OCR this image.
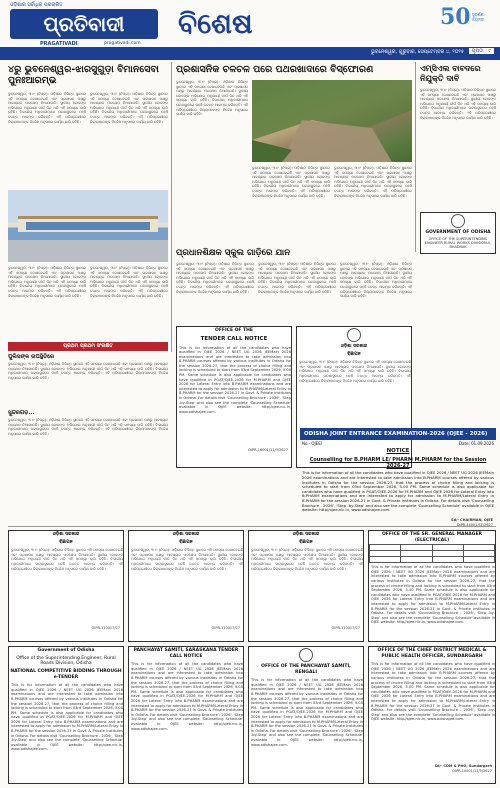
ଓଡ଼ିଶାର ସର୍ବାଧିକ ପ୍ରଚାରିତ
ପ୍ରତିବାଦୀ
PRAGATIVADI	pragativadi.com
ବିଶେଷ	50 ସୁବର୍ଣ୍ଣ ଜୟନ୍ତୀ
ଭୁବନେଶ୍ୱର, ଗୁରୁବାର, ସେପ୍ଟେମ୍ବର ୪, ୨୦୨୫	ପୃଷ୍ଠା : ୯
୪ରୁ ଭୁବନେଶ୍ୱର-ଝାରସୁଗୁଡ଼ା ବିମାନସେବା ପୁନଃଆରମ୍ଭ
ଭୁବନେଶ୍ୱର, ୩।୯ (ନିପ୍ର): ଓଡ଼ିଶାର ବିଭିନ୍ନ ସ୍ଥାନରେ ଏହି ସମସ୍ୟା ଦେଖାଦେଇଛି ଏବଂ ପ୍ରଶାସନ ପକ୍ଷରୁ ଆବଶ୍ୟକ ପଦକ୍ଷେପ ନିଆଯାଉଛି। ସ୍ଥାନୀୟ ଲୋକଙ୍କ ଅଭିଯୋଗ ଅନୁଯାୟୀ ଦୀର୍ଘ ଦିନ ଧରି ଏହି ସମସ୍ୟା ଲାଗି ରହିଛି। ବିଭାଗୀୟ ଅଧିକାରୀମାନେ ଘଟଣାସ୍ଥଳରେ ପହଞ୍ଚି ତଦନ୍ତ ଆରମ୍ଭ କରିଛନ୍ତି। ଏହି ପରିପ୍ରେକ୍ଷୀରେ ଜିଲ୍ଲାପାଳଙ୍କ ନିର୍ଦ୍ଦେଶ ଅନୁସାରେ କାର୍ଯ୍ୟ ଜାରି ରହିଛି।
ଭୁବନେଶ୍ୱର, ୩।୯ (ନିପ୍ର): ଓଡ଼ିଶାର ବିଭିନ୍ନ ସ୍ଥାନରେ ଏହି ସମସ୍ୟା ଦେଖାଦେଇଛି ଏବଂ ପ୍ରଶାସନ ପକ୍ଷରୁ ଆବଶ୍ୟକ ପଦକ୍ଷେପ ନିଆଯାଉଛି। ସ୍ଥାନୀୟ ଲୋକଙ୍କ ଅଭିଯୋଗ ଅନୁଯାୟୀ ଦୀର୍ଘ ଦିନ ଧରି ଏହି ସମସ୍ୟା ଲାଗି ରହିଛି। ବିଭାଗୀୟ ଅଧିକାରୀମାନେ ଘଟଣାସ୍ଥଳରେ ପହଞ୍ଚି ତଦନ୍ତ ଆରମ୍ଭ କରିଛନ୍ତି। ଏହି ପରିପ୍ରେକ୍ଷୀରେ ଜିଲ୍ଲାପାଳଙ୍କ ନିର୍ଦ୍ଦେଶ ଅନୁସାରେ କାର୍ଯ୍ୟ ଜାରି ରହିଛି।
ଭୁବନେଶ୍ୱର, ୩।୯ (ନିପ୍ର): ଓଡ଼ିଶାର ବିଭିନ୍ନ ସ୍ଥାନରେ ଏହି ସମସ୍ୟା ଦେଖାଦେଇଛି ଏବଂ ପ୍ରଶାସନ ପକ୍ଷରୁ ଆବଶ୍ୟକ ପଦକ୍ଷେପ ନିଆଯାଉଛି। ସ୍ଥାନୀୟ ଲୋକଙ୍କ ଅଭିଯୋଗ ଅନୁଯାୟୀ ଦୀର୍ଘ ଦିନ ଧରି ଏହି ସମସ୍ୟା ଲାଗି ରହିଛି। ବିଭାଗୀୟ ଅଧିକାରୀମାନେ ଘଟଣାସ୍ଥଳରେ ପହଞ୍ଚି ତଦନ୍ତ ଆରମ୍ଭ କରିଛନ୍ତି। ଏହି ପରିପ୍ରେକ୍ଷୀରେ ଜିଲ୍ଲାପାଳଙ୍କ ନିର୍ଦ୍ଦେଶ ଅନୁସାରେ କାର୍ଯ୍ୟ ଜାରି ରହିଛି।
ଭୁବନେଶ୍ୱର, ୩।୯ (ନିପ୍ର): ଓଡ଼ିଶାର ବିଭିନ୍ନ ସ୍ଥାନରେ ଏହି ସମସ୍ୟା ଦେଖାଦେଇଛି ଏବଂ ପ୍ରଶାସନ ପକ୍ଷରୁ ଆବଶ୍ୟକ ପଦକ୍ଷେପ ନିଆଯାଉଛି। ସ୍ଥାନୀୟ ଲୋକଙ୍କ ଅଭିଯୋଗ ଅନୁଯାୟୀ ଦୀର୍ଘ ଦିନ ଧରି ଏହି ସମସ୍ୟା ଲାଗି ରହିଛି। ବିଭାଗୀୟ ଅଧିକାରୀମାନେ ଘଟଣାସ୍ଥଳରେ ପହଞ୍ଚି ତଦନ୍ତ ଆରମ୍ଭ କରିଛନ୍ତି। ଏହି ପରିପ୍ରେକ୍ଷୀରେ ଜିଲ୍ଲାପାଳଙ୍କ ନିର୍ଦ୍ଦେଶ ଅନୁସାରେ କାର୍ଯ୍ୟ ଜାରି ରହିଛି।
ପ୍ରଶାସନିକ ଚଳଚଳ ପରେ ପଥରଖାଦାରେ ବିସ୍ଫୋରଣ
ଭୁବନେଶ୍ୱର, ୩।୯ (ନିପ୍ର): ଓଡ଼ିଶାର ବିଭିନ୍ନ ସ୍ଥାନରେ ଏହି ସମସ୍ୟା ଦେଖାଦେଇଛି ଏବଂ ପ୍ରଶାସନ ପକ୍ଷରୁ ଆବଶ୍ୟକ ପଦକ୍ଷେପ ନିଆଯାଉଛି। ସ୍ଥାନୀୟ ଲୋକଙ୍କ ଅଭିଯୋଗ ଅନୁଯାୟୀ ଦୀର୍ଘ ଦିନ ଧରି ଏହି ସମସ୍ୟା ଲାଗି ରହିଛି। ବିଭାଗୀୟ ଅଧିକାରୀମାନେ ଘଟଣାସ୍ଥଳରେ ପହଞ୍ଚି ତଦନ୍ତ ଆରମ୍ଭ କରିଛନ୍ତି। ଏହି ପରିପ୍ରେକ୍ଷୀରେ ଜିଲ୍ଲାପାଳଙ୍କ ନିର୍ଦ୍ଦେଶ ଅନୁସାରେ କାର୍ଯ୍ୟ ଜାରି ରହିଛି।
ଭୁବନେଶ୍ୱର, ୩।୯ (ନିପ୍ର): ଓଡ଼ିଶାର ବିଭିନ୍ନ ସ୍ଥାନରେ ଏହି ସମସ୍ୟା ଦେଖାଦେଇଛି ଏବଂ ପ୍ରଶାସନ ପକ୍ଷରୁ ଆବଶ୍ୟକ ପଦକ୍ଷେପ ନିଆଯାଉଛି। ସ୍ଥାନୀୟ ଲୋକଙ୍କ ଅଭିଯୋଗ ଅନୁଯାୟୀ ଦୀର୍ଘ ଦିନ ଧରି ଏହି ସମସ୍ୟା ଲାଗି ରହିଛି। ବିଭାଗୀୟ ଅଧିକାରୀମାନେ ଘଟଣାସ୍ଥଳରେ ପହଞ୍ଚି ତଦନ୍ତ ଆରମ୍ଭ କରିଛନ୍ତି। ଏହି ପରିପ୍ରେକ୍ଷୀରେ ଜିଲ୍ଲାପାଳଙ୍କ ନିର୍ଦ୍ଦେଶ ଅନୁସାରେ କାର୍ଯ୍ୟ ଜାରି ରହିଛି।
ଭୁବନେଶ୍ୱର, ୩।୯ (ନିପ୍ର): ଓଡ଼ିଶାର ବିଭିନ୍ନ ସ୍ଥାନରେ ଏହି ସମସ୍ୟା ଦେଖାଦେଇଛି ଏବଂ ପ୍ରଶାସନ ପକ୍ଷରୁ ଆବଶ୍ୟକ ପଦକ୍ଷେପ ନିଆଯାଉଛି। ସ୍ଥାନୀୟ ଲୋକଙ୍କ ଅଭିଯୋଗ ଅନୁଯାୟୀ ଦୀର୍ଘ ଦିନ ଧରି ଏହି ସମସ୍ୟା ଲାଗି ରହିଛି। ବିଭାଗୀୟ ଅଧିକାରୀମାନେ ଘଟଣାସ୍ଥଳରେ ପହଞ୍ଚି ତଦନ୍ତ ଆରମ୍ଭ କରିଛନ୍ତି। ଏହି ପରିପ୍ରେକ୍ଷୀରେ ଜିଲ୍ଲାପାଳଙ୍କ ନିର୍ଦ୍ଦେଶ ଅନୁସାରେ କାର୍ଯ୍ୟ ଜାରି ରହିଛି।
ଏମ୍‌ସିଏଲ ବାବଦରେ ନିଯୁକ୍ତି ଦାବି
ଭୁବନେଶ୍ୱର, ୩।୯ (ନିପ୍ର): ଓଡ଼ିଶାର ବିଭିନ୍ନ ସ୍ଥାନରେ ଏହି ସମସ୍ୟା ଦେଖାଦେଇଛି ଏବଂ ପ୍ରଶାସନ ପକ୍ଷରୁ ଆବଶ୍ୟକ ପଦକ୍ଷେପ ନିଆଯାଉଛି। ସ୍ଥାନୀୟ ଲୋକଙ୍କ ଅଭିଯୋଗ ଅନୁଯାୟୀ ଦୀର୍ଘ ଦିନ ଧରି ଏହି ସମସ୍ୟା ଲାଗି ରହିଛି। ବିଭାଗୀୟ ଅଧିକାରୀମାନେ ଘଟଣାସ୍ଥଳରେ ପହଞ୍ଚି ତଦନ୍ତ ଆରମ୍ଭ କରିଛନ୍ତି। ଏହି ପରିପ୍ରେକ୍ଷୀରେ ଜିଲ୍ଲାପାଳଙ୍କ ନିର୍ଦ୍ଦେଶ ଅନୁସାରେ କାର୍ଯ୍ୟ ଜାରି ରହିଛି।
GOVERNMENT OF ODISHA
OFFICE OF THE SUPERINTENDING ENGINEER RURAL WORKS DIVISION-II, BHADRAK
ପ୍ରଧାନଶିକ୍ଷକ ସ୍କୁଲ ଗାଡ଼ିରେ ଯାନ
ଭୁବନେଶ୍ୱର, ୩।୯ (ନିପ୍ର): ଓଡ଼ିଶାର ବିଭିନ୍ନ ସ୍ଥାନରେ ଏହି ସମସ୍ୟା ଦେଖାଦେଇଛି ଏବଂ ପ୍ରଶାସନ ପକ୍ଷରୁ ଆବଶ୍ୟକ ପଦକ୍ଷେପ ନିଆଯାଉଛି। ସ୍ଥାନୀୟ ଲୋକଙ୍କ ଅଭିଯୋଗ ଅନୁଯାୟୀ ଦୀର୍ଘ ଦିନ ଧରି ଏହି ସମସ୍ୟା ଲାଗି ରହିଛି। ବିଭାଗୀୟ ଅଧିକାରୀମାନେ ଘଟଣାସ୍ଥଳରେ ପହଞ୍ଚି ତଦନ୍ତ ଆରମ୍ଭ କରିଛନ୍ତି। ଏହି ପରିପ୍ରେକ୍ଷୀରେ ଜିଲ୍ଲାପାଳଙ୍କ ନିର୍ଦ୍ଦେଶ ଅନୁସାରେ କାର୍ଯ୍ୟ ଜାରି ରହିଛି।
ଭୁବନେଶ୍ୱର, ୩।୯ (ନିପ୍ର): ଓଡ଼ିଶାର ବିଭିନ୍ନ ସ୍ଥାନରେ ଏହି ସମସ୍ୟା ଦେଖାଦେଇଛି ଏବଂ ପ୍ରଶାସନ ପକ୍ଷରୁ ଆବଶ୍ୟକ ପଦକ୍ଷେପ ନିଆଯାଉଛି। ସ୍ଥାନୀୟ ଲୋକଙ୍କ ଅଭିଯୋଗ ଅନୁଯାୟୀ ଦୀର୍ଘ ଦିନ ଧରି ଏହି ସମସ୍ୟା ଲାଗି ରହିଛି। ବିଭାଗୀୟ ଅଧିକାରୀମାନେ ଘଟଣାସ୍ଥଳରେ ପହଞ୍ଚି ତଦନ୍ତ ଆରମ୍ଭ କରିଛନ୍ତି। ଏହି ପରିପ୍ରେକ୍ଷୀରେ ଜିଲ୍ଲାପାଳଙ୍କ ନିର୍ଦ୍ଦେଶ ଅନୁସାରେ କାର୍ଯ୍ୟ ଜାରି ରହିଛି।
ଭୁବନେଶ୍ୱର, ୩।୯ (ନିପ୍ର): ଓଡ଼ିଶାର ବିଭିନ୍ନ ସ୍ଥାନରେ ଏହି ସମସ୍ୟା ଦେଖାଦେଇଛି ଏବଂ ପ୍ରଶାସନ ପକ୍ଷରୁ ଆବଶ୍ୟକ ପଦକ୍ଷେପ ନିଆଯାଉଛି। ସ୍ଥାନୀୟ ଲୋକଙ୍କ ଅଭିଯୋଗ ଅନୁଯାୟୀ ଦୀର୍ଘ ଦିନ ଧରି ଏହି ସମସ୍ୟା ଲାଗି ରହିଛି। ବିଭାଗୀୟ ଅଧିକାରୀମାନେ ଘଟଣାସ୍ଥଳରେ ପହଞ୍ଚି ତଦନ୍ତ ଆରମ୍ଭ କରିଛନ୍ତି। ଏହି ପରିପ୍ରେକ୍ଷୀରେ ଜିଲ୍ଲାପାଳଙ୍କ ନିର୍ଦ୍ଦେଶ ଅନୁସାରେ କାର୍ଯ୍ୟ ଜାରି ରହିଛି।
ପ୍ରଥମ ପ୍ରଥମ ସଂରକ୍ଷିତ
ପୁଲିସଙ୍କ ଉପସ୍ଥିତିରେ
ଭୁବନେଶ୍ୱର, ୩।୯ (ନିପ୍ର): ଓଡ଼ିଶାର ବିଭିନ୍ନ ସ୍ଥାନରେ ଏହି ସମସ୍ୟା ଦେଖାଦେଇଛି ଏବଂ ପ୍ରଶାସନ ପକ୍ଷରୁ ଆବଶ୍ୟକ ପଦକ୍ଷେପ ନିଆଯାଉଛି। ସ୍ଥାନୀୟ ଲୋକଙ୍କ ଅଭିଯୋଗ ଅନୁଯାୟୀ ଦୀର୍ଘ ଦିନ ଧରି ଏହି ସମସ୍ୟା ଲାଗି ରହିଛି। ବିଭାଗୀୟ ଅଧିକାରୀମାନେ ଘଟଣାସ୍ଥଳରେ ପହଞ୍ଚି ତଦନ୍ତ ଆରମ୍ଭ କରିଛନ୍ତି। ଏହି ପରିପ୍ରେକ୍ଷୀରେ ଜିଲ୍ଲାପାଳଙ୍କ ନିର୍ଦ୍ଦେଶ ଅନୁସାରେ କାର୍ଯ୍ୟ ଜାରି ରହିଛି।
ସୁନ୍ଦରଗଡ଼...
ଭୁବନେଶ୍ୱର, ୩।୯ (ନିପ୍ର): ଓଡ଼ିଶାର ବିଭିନ୍ନ ସ୍ଥାନରେ ଏହି ସମସ୍ୟା ଦେଖାଦେଇଛି ଏବଂ ପ୍ରଶାସନ ପକ୍ଷରୁ ଆବଶ୍ୟକ ପଦକ୍ଷେପ ନିଆଯାଉଛି। ସ୍ଥାନୀୟ ଲୋକଙ୍କ ଅଭିଯୋଗ ଅନୁଯାୟୀ ଦୀର୍ଘ ଦିନ ଧରି ଏହି ସମସ୍ୟା ଲାଗି ରହିଛି। ବିଭାଗୀୟ ଅଧିକାରୀମାନେ ଘଟଣାସ୍ଥଳରେ ପହଞ୍ଚି ତଦନ୍ତ ଆରମ୍ଭ କରିଛନ୍ତି। ଏହି ପରିପ୍ରେକ୍ଷୀରେ ଜିଲ୍ଲାପାଳଙ୍କ ନିର୍ଦ୍ଦେଶ ଅନୁସାରେ କାର୍ଯ୍ୟ ଜାରି ରହିଛି।
OFFICE OF THE
TENDER CALL NOTICE
This is for information of all the candidates who have qualified in OJEE 2026 / NEET UG 2026 JEEMain 2026 examinations and are interested to take admission into B.PHARM courses offered by various institutes in Odisha for the session 2026-27, that the process of choice filling and locking is scheduled to start from 03rd September 2026, 5.00 PM. Same schedule is also applicable for candidates who have qualified in PGAT/OJEE-2026 for M.PHARM and OJEE 2026 for Lateral Entry into B.PHARM examinations and are interested to apply for admission to M.PHARM/Lateral Entry in B.PHARM for the session 2026-27 in Govt. & Private institutes in Odisha. For details visit 'Counselling Brochure - 2026', 'Step -by-Step' and also see the complete 'Counselling Schedule' available in OJEE website: http//ojee.nic.in, www.odishajee.com.
OIPR-16001/11/3/2627
ଓଡ଼ିଶା ସରକାର
ବିଜ୍ଞାପନ
ଭୁବନେଶ୍ୱର, ୩।୯ (ନିପ୍ର): ଓଡ଼ିଶାର ବିଭିନ୍ନ ସ୍ଥାନରେ ଏହି ସମସ୍ୟା ଦେଖାଦେଇଛି ଏବଂ ପ୍ରଶାସନ ପକ୍ଷରୁ ଆବଶ୍ୟକ ପଦକ୍ଷେପ ନିଆଯାଉଛି। ସ୍ଥାନୀୟ ଲୋକଙ୍କ ଅଭିଯୋଗ ଅନୁଯାୟୀ ଦୀର୍ଘ ଦିନ ଧରି ଏହି ସମସ୍ୟା ଲାଗି ରହିଛି। ବିଭାଗୀୟ ଅଧିକାରୀମାନେ ଘଟଣାସ୍ଥଳରେ ପହଞ୍ଚି ତଦନ୍ତ ଆରମ୍ଭ କରିଛନ୍ତି। ଏହି ପରିପ୍ରେକ୍ଷୀରେ ଜିଲ୍ଲାପାଳଙ୍କ ନିର୍ଦ୍ଦେଶ ଅନୁସାରେ କାର୍ଯ୍ୟ ଜାରି ରହିଛି।
ODISHA JOINT ENTRANCE EXAMINATION-2026 (OJEE - 2026)
No.- OJEE/	Date: 01.09.2026
NOTICE
Counselling for B.PHARM LE/ PHARM M.PHARM for the Session 2026-27
This is for information of all the candidates who have qualified in OJEE 2026 / NEET UG 2026 JEEMain 2026 examinations and are interested to take admission into B.PHARM courses offered by various institutes in Odisha for the session 2026-27, that the process of choice filling and locking is scheduled to start from 03rd September 2026, 5.00 PM. Same schedule is also applicable for candidates who have qualified in PGAT/OJEE-2026 for M.PHARM and OJEE 2026 for Lateral Entry into B.PHARM examinations and are interested to apply for admission to M.PHARM/Lateral Entry in B.PHARM for the session 2026-27 in Govt. & Private institutes in Odisha. For details visit 'Counselling Brochure - 2026', 'Step -by-Step' and also see the complete 'Counselling Schedule' available in OJEE website: http//ojee.nic.in, www.odishajee.com.
Sd/- CHAIRMAN, OJEE
DIPR-44001/ST/2627
ଓଡ଼ିଶା ସରକାର
ବିଜ୍ଞାପନ
ଭୁବନେଶ୍ୱର, ୩।୯ (ନିପ୍ର): ଓଡ଼ିଶାର ବିଭିନ୍ନ ସ୍ଥାନରେ ଏହି ସମସ୍ୟା ଦେଖାଦେଇଛି ଏବଂ ପ୍ରଶାସନ ପକ୍ଷରୁ ଆବଶ୍ୟକ ପଦକ୍ଷେପ ନିଆଯାଉଛି। ସ୍ଥାନୀୟ ଲୋକଙ୍କ ଅଭିଯୋଗ ଅନୁଯାୟୀ ଦୀର୍ଘ ଦିନ ଧରି ଏହି ସମସ୍ୟା ଲାଗି ରହିଛି। ବିଭାଗୀୟ ଅଧିକାରୀମାନେ ଘଟଣାସ୍ଥଳରେ ପହଞ୍ଚି ତଦନ୍ତ ଆରମ୍ଭ କରିଛନ୍ତି। ଏହି ପରିପ୍ରେକ୍ଷୀରେ ଜିଲ୍ଲାପାଳଙ୍କ ନିର୍ଦ୍ଦେଶ ଅନୁସାରେ କାର୍ଯ୍ୟ ଜାରି ରହିଛି।
OIPR-110017/27
ଓଡ଼ିଶା ସରକାର
ବିଜ୍ଞାପନ
ଭୁବନେଶ୍ୱର, ୩।୯ (ନିପ୍ର): ଓଡ଼ିଶାର ବିଭିନ୍ନ ସ୍ଥାନରେ ଏହି ସମସ୍ୟା ଦେଖାଦେଇଛି ଏବଂ ପ୍ରଶାସନ ପକ୍ଷରୁ ଆବଶ୍ୟକ ପଦକ୍ଷେପ ନିଆଯାଉଛି। ସ୍ଥାନୀୟ ଲୋକଙ୍କ ଅଭିଯୋଗ ଅନୁଯାୟୀ ଦୀର୍ଘ ଦିନ ଧରି ଏହି ସମସ୍ୟା ଲାଗି ରହିଛି। ବିଭାଗୀୟ ଅଧିକାରୀମାନେ ଘଟଣାସ୍ଥଳରେ ପହଞ୍ଚି ତଦନ୍ତ ଆରମ୍ଭ କରିଛନ୍ତି। ଏହି ପରିପ୍ରେକ୍ଷୀରେ ଜିଲ୍ଲାପାଳଙ୍କ ନିର୍ଦ୍ଦେଶ ଅନୁସାରେ କାର୍ଯ୍ୟ ଜାରି ରହିଛି।
OIPR-110017/27
ଓଡ଼ିଶା ସରକାର
ବିଜ୍ଞାପନ
ଭୁବନେଶ୍ୱର, ୩।୯ (ନିପ୍ର): ଓଡ଼ିଶାର ବିଭିନ୍ନ ସ୍ଥାନରେ ଏହି ସମସ୍ୟା ଦେଖାଦେଇଛି ଏବଂ ପ୍ରଶାସନ ପକ୍ଷରୁ ଆବଶ୍ୟକ ପଦକ୍ଷେପ ନିଆଯାଉଛି। ସ୍ଥାନୀୟ ଲୋକଙ୍କ ଅଭିଯୋଗ ଅନୁଯାୟୀ ଦୀର୍ଘ ଦିନ ଧରି ଏହି ସମସ୍ୟା ଲାଗି ରହିଛି। ବିଭାଗୀୟ ଅଧିକାରୀମାନେ ଘଟଣାସ୍ଥଳରେ ପହଞ୍ଚି ତଦନ୍ତ ଆରମ୍ଭ କରିଛନ୍ତି। ଏହି ପରିପ୍ରେକ୍ଷୀରେ ଜିଲ୍ଲାପାଳଙ୍କ ନିର୍ଦ୍ଦେଶ ଅନୁସାରେ କାର୍ଯ୍ୟ ଜାରି ରହିଛି।
OIPR-110017/27
OFFICE OF THE SR. GENERAL MANAGER (ELECTRICAL)

This is for information of all the candidates who have qualified in OJEE 2026 / NEET UG 2026 JEEMain 2026 examinations and are interested to take admission into B.PHARM courses offered by various institutes in Odisha for the session 2026-27, that the process of choice filling and locking is scheduled to start from 03rd September 2026, 5.00 PM. Same schedule is also applicable for candidates who have qualified in PGAT/OJEE-2026 for M.PHARM and OJEE 2026 for Lateral Entry into B.PHARM examinations and are interested to apply for admission to M.PHARM/Lateral Entry in B.PHARM for the session 2026-27 in Govt. & Private institutes in Odisha. For details visit 'Counselling Brochure - 2026', 'Step -by-Step' and also see the complete 'Counselling Schedule' available in OJEE website: http//ojee.nic.in, www.odishajee.com.
Government of Odisha
Office of the Superintending Engineer, Rural Roads Division, Odisha
NATIONAL COMPETITIVE BIDDING THROUGH e-TENDER
This is for information of all the candidates who have qualified in OJEE 2026 / NEET UG 2026 JEEMain 2026 examinations and are interested to take admission into B.PHARM courses offered by various institutes in Odisha for the session 2026-27, that the process of choice filling and locking is scheduled to start from 03rd September 2026, 5.00 PM. Same schedule is also applicable for candidates who have qualified in PGAT/OJEE-2026 for M.PHARM and OJEE 2026 for Lateral Entry into B.PHARM examinations and are interested to apply for admission to M.PHARM/Lateral Entry in B.PHARM for the session 2026-27 in Govt. & Private institutes in Odisha. For details visit 'Counselling Brochure - 2026', 'Step -by-Step' and also see the complete 'Counselling Schedule' available in OJEE website: http//ojee.nic.in, www.odishajee.com.
PANCHAYAT SAMITI, SARASKANA TENDER CALL NOTICE
This is for information of all the candidates who have qualified in OJEE 2026 / NEET UG 2026 JEEMain 2026 examinations and are interested to take admission into B.PHARM courses offered by various institutes in Odisha for the session 2026-27, that the process of choice filling and locking is scheduled to start from 03rd September 2026, 5.00 PM. Same schedule is also applicable for candidates who have qualified in PGAT/OJEE-2026 for M.PHARM and OJEE 2026 for Lateral Entry into B.PHARM examinations and are interested to apply for admission to M.PHARM/Lateral Entry in B.PHARM for the session 2026-27 in Govt. & Private institutes in Odisha. For details visit 'Counselling Brochure - 2026', 'Step -by-Step' and also see the complete 'Counselling Schedule' available in OJEE website: http//ojee.nic.in, www.odishajee.com.
OFFICE OF THE PANCHAYAT SAMITI, RENGALI
This is for information of all the candidates who have qualified in OJEE 2026 / NEET UG 2026 JEEMain 2026 examinations and are interested to take admission into B.PHARM courses offered by various institutes in Odisha for the session 2026-27, that the process of choice filling and locking is scheduled to start from 03rd September 2026, 5.00 PM. Same schedule is also applicable for candidates who have qualified in PGAT/OJEE-2026 for M.PHARM and OJEE 2026 for Lateral Entry into B.PHARM examinations and are interested to apply for admission to M.PHARM/Lateral Entry in B.PHARM for the session 2026-27 in Govt. & Private institutes in Odisha. For details visit 'Counselling Brochure - 2026', 'Step -by-Step' and also see the complete 'Counselling Schedule' available in OJEE website: http//ojee.nic.in, www.odishajee.com.
OFFICE OF THE CHIEF DISTRICT MEDICAL & PUBLIC HEALTH OFFICER, SUNDARGARH
This is for information of all the candidates who have qualified in OJEE 2026 / NEET UG 2026 JEEMain 2026 examinations and are interested to take admission into B.PHARM courses offered by various institutes in Odisha for the session 2026-27, that the process of choice filling and locking is scheduled to start from 03rd September 2026, 5.00 PM. Same schedule is also applicable for candidates who have qualified in PGAT/OJEE-2026 for M.PHARM and OJEE 2026 for Lateral Entry into B.PHARM examinations and are interested to apply for admission to M.PHARM/Lateral Entry in B.PHARM for the session 2026-27 in Govt. & Private institutes in Odisha. For details visit 'Counselling Brochure - 2026', 'Step -by-Step' and also see the complete 'Counselling Schedule' available in OJEE website: http//ojee.nic.in, www.odishajee.com.
Sd/- CDM & PHO, Sundargarh
OIPR-10001/11/5/2627
